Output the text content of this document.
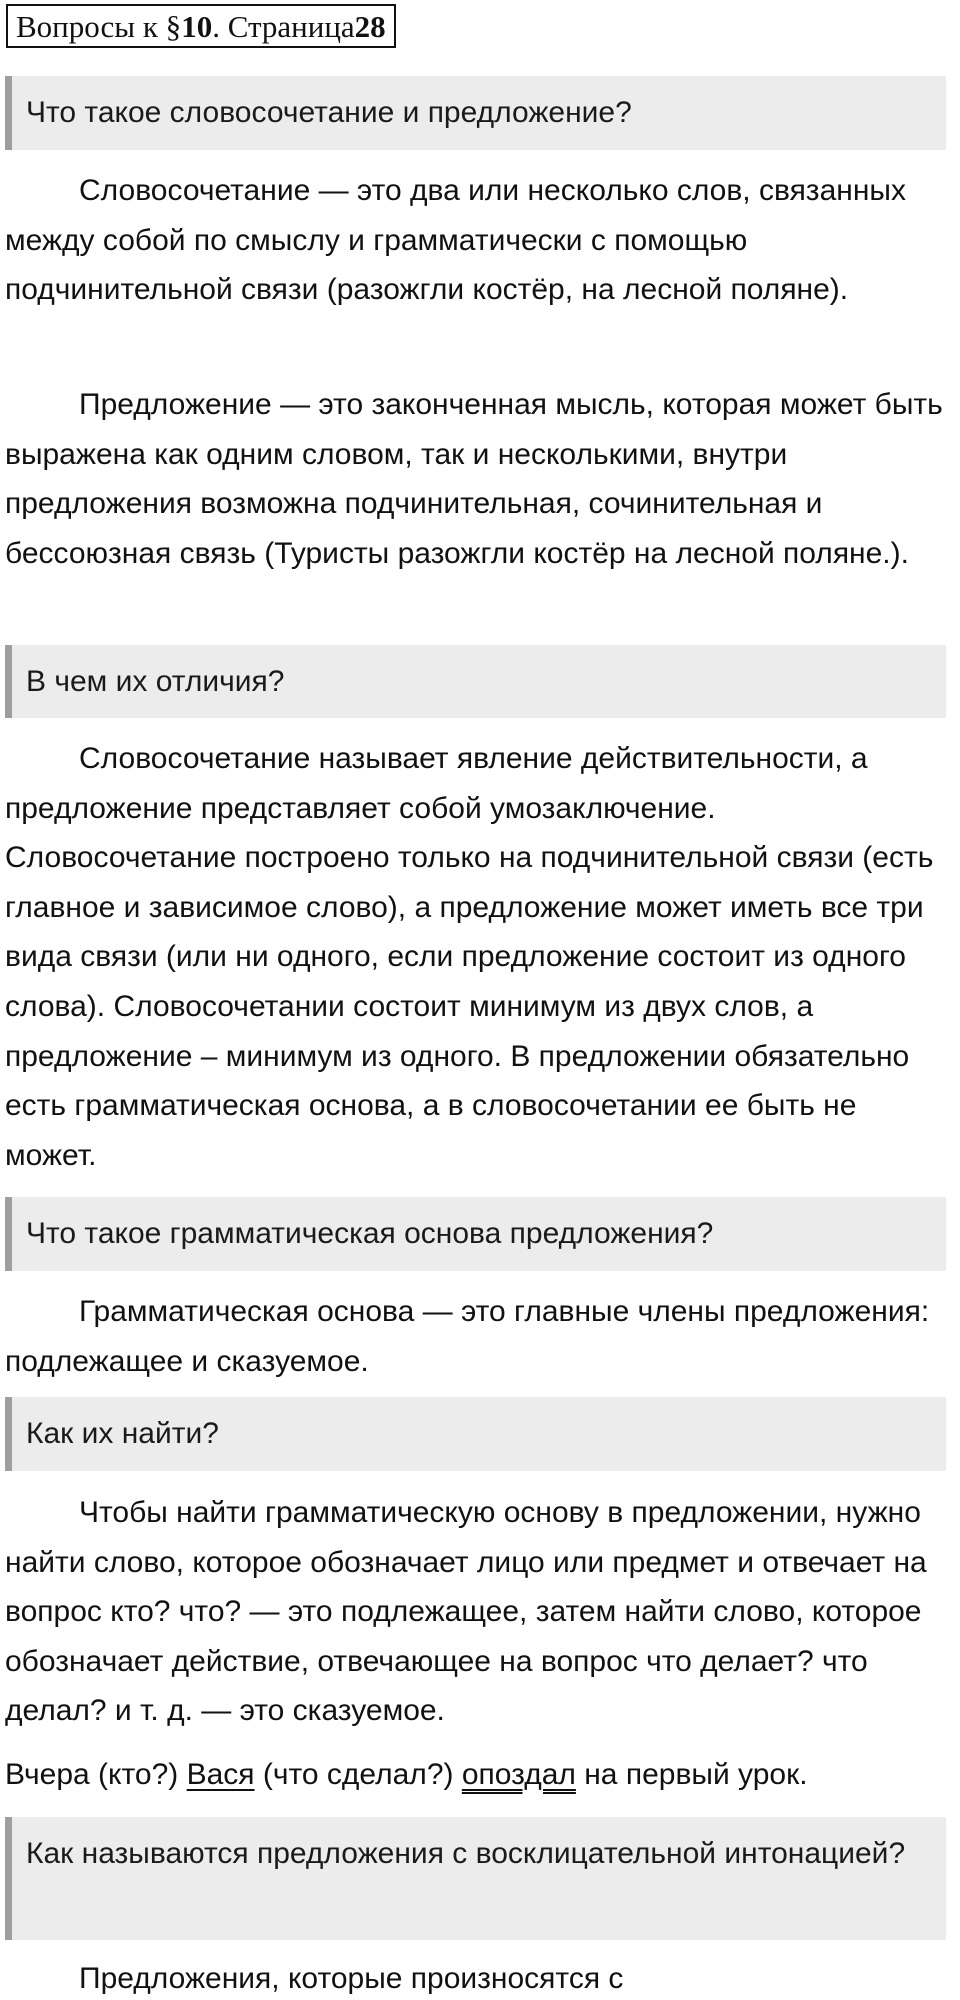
Вопросы к § 10 . Страница 28
Что такое словосочетание и предложение?

Словосочетание — это два или несколько слов, связанных между собой по смыслу и грамматически с помощью подчинительной связи (разожгли костёр, на лесной поляне).

Предложение — это законченная мысль, которая может быть выражена как одним словом, так и несколькими, внутри предложения возможна подчинительная, сочинительная и бессоюзная связь (Туристы разожгли костёр на лесной поляне.).

В чем их отличия?

Словосочетание называет явление действительности, а предложение представляет собой умозаключение. Словосочетание построено только на подчинительной связи (есть главное и зависимое слово), а предложение может иметь все три вида связи (или ни одного, если предложение состоит из одного слова). Словосочетании состоит минимум из двух слов, а предложение – минимум из одного. В предложении обязательно есть грамматическая основа, а в словосочетании ее быть не может.

Что такое грамматическая основа предложения?

Грамматическая основа — это главные члены предложения: подлежащее и сказуемое.

Как их найти?

Чтобы найти грамматическую основу в предложении, нужно найти слово, которое обозначает лицо или предмет и отвечает на вопрос кто? что? — это подлежащее, затем найти слово, которое обозначает действие, отвечающее на вопрос что делает? что делал? и т. д. — это сказуемое.

Вчера (кто?) Вася (что сделал?) опоздал на первый урок.

Как называются предложения с восклицательной интонацией?

Предложения, которые произносятся с
